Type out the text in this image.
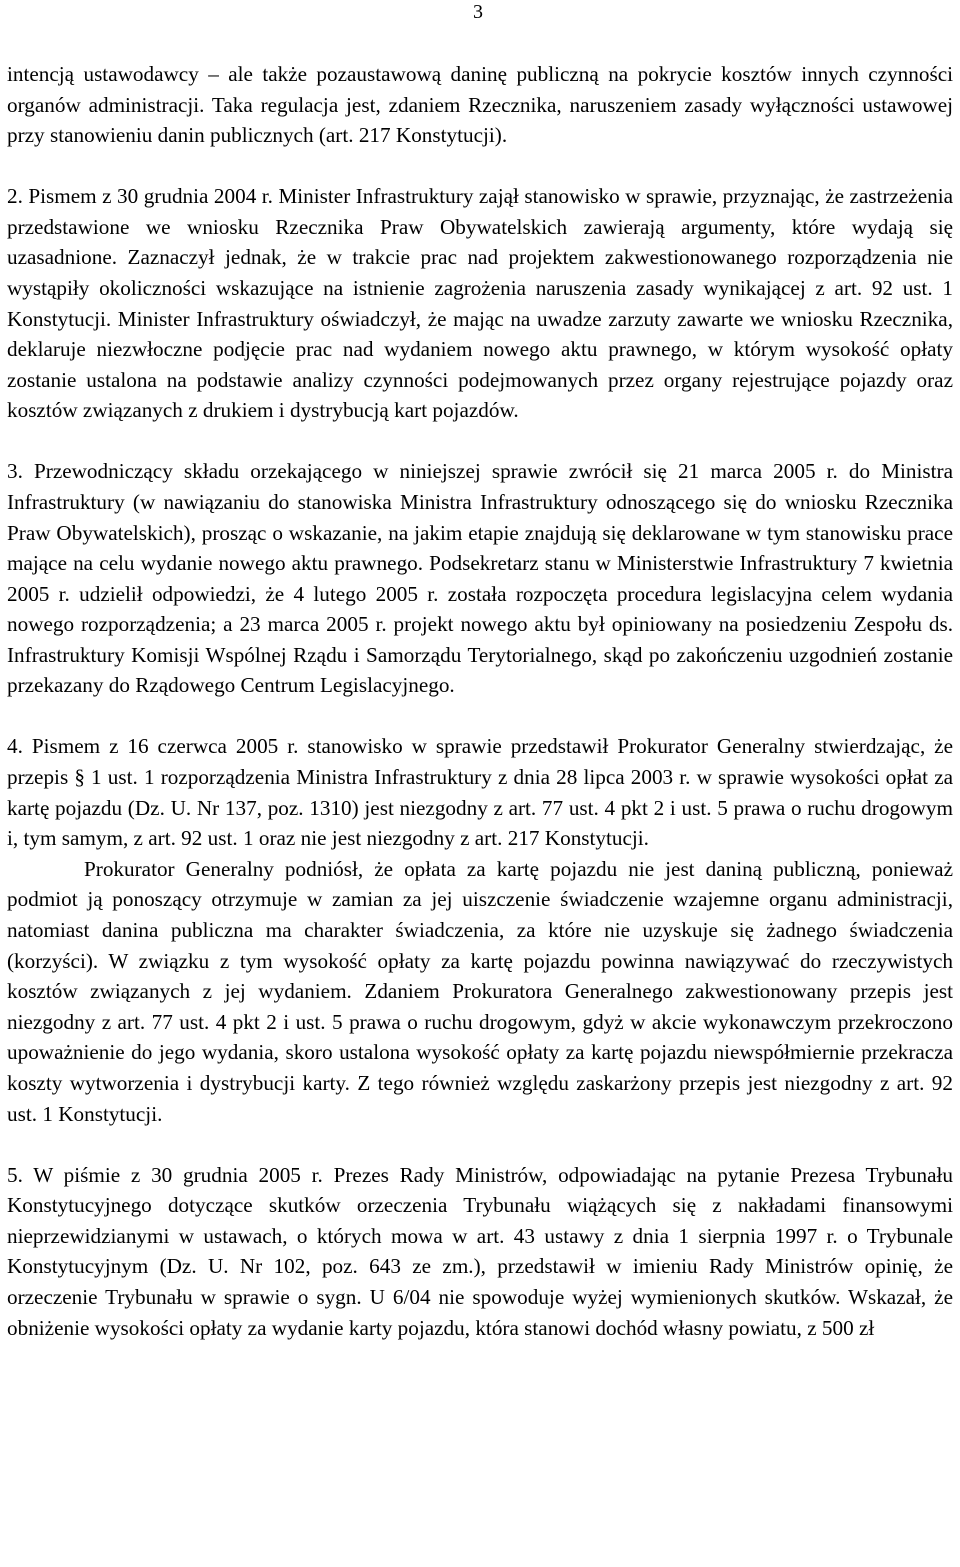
3

intencją ustawodawcy – ale także pozaustawową daninę publiczną na pokrycie kosztów innych czynności organów administracji. Taka regulacja jest, zdaniem Rzecznika, naruszeniem zasady wyłączności ustawowej przy stanowieniu danin publicznych (art. 217 Konstytucji).

2. Pismem z 30 grudnia 2004 r. Minister Infrastruktury zajął stanowisko w sprawie, przyznając, że zastrzeżenia przedstawione we wniosku Rzecznika Praw Obywatelskich zawierają argumenty, które wydają się uzasadnione. Zaznaczył jednak, że w trakcie prac nad projektem zakwestionowanego rozporządzenia nie wystąpiły okoliczności wskazujące na istnienie zagrożenia naruszenia zasady wynikającej z art. 92 ust. 1 Konstytucji. Minister Infrastruktury oświadczył, że mając na uwadze zarzuty zawarte we wniosku Rzecznika, deklaruje niezwłoczne podjęcie prac nad wydaniem nowego aktu prawnego, w którym wysokość opłaty zostanie ustalona na podstawie analizy czynności podejmowanych przez organy rejestrujące pojazdy oraz kosztów związanych z drukiem i dystrybucją kart pojazdów.

3. Przewodniczący składu orzekającego w niniejszej sprawie zwrócił się 21 marca 2005 r. do Ministra Infrastruktury (w nawiązaniu do stanowiska Ministra Infrastruktury odnoszącego się do wniosku Rzecznika Praw Obywatelskich), prosząc o wskazanie, na jakim etapie znajdują się deklarowane w tym stanowisku prace mające na celu wydanie nowego aktu prawnego. Podsekretarz stanu w Ministerstwie Infrastruktury 7 kwietnia 2005 r. udzielił odpowiedzi, że 4 lutego 2005 r. została rozpoczęta procedura legislacyjna celem wydania nowego rozporządzenia; a 23 marca 2005 r. projekt nowego aktu był opiniowany na posiedzeniu Zespołu ds. Infrastruktury Komisji Wspólnej Rządu i Samorządu Terytorialnego, skąd po zakończeniu uzgodnień zostanie przekazany do Rządowego Centrum Legislacyjnego.

4. Pismem z 16 czerwca 2005 r. stanowisko w sprawie przedstawił Prokurator Generalny stwierdzając, że przepis § 1 ust. 1 rozporządzenia Ministra Infrastruktury z dnia 28 lipca 2003 r. w sprawie wysokości opłat za kartę pojazdu (Dz. U. Nr 137, poz. 1310) jest niezgodny z art. 77 ust. 4 pkt 2 i ust. 5 prawa o ruchu drogowym i, tym samym, z art. 92 ust. 1 oraz nie jest niezgodny z art. 217 Konstytucji.

Prokurator Generalny podniósł, że opłata za kartę pojazdu nie jest daniną publiczną, ponieważ podmiot ją ponoszący otrzymuje w zamian za jej uiszczenie świadczenie wzajemne organu administracji, natomiast danina publiczna ma charakter świadczenia, za które nie uzyskuje się żadnego świadczenia (korzyści). W związku z tym wysokość opłaty za kartę pojazdu powinna nawiązywać do rzeczywistych kosztów związanych z jej wydaniem. Zdaniem Prokuratora Generalnego zakwestionowany przepis jest niezgodny z art. 77 ust. 4 pkt 2 i ust. 5 prawa o ruchu drogowym, gdyż w akcie wykonawczym przekroczono upoważnienie do jego wydania, skoro ustalona wysokość opłaty za kartę pojazdu niewspółmiernie przekracza koszty wytworzenia i dystrybucji karty. Z tego również względu zaskarżony przepis jest niezgodny z art. 92 ust. 1 Konstytucji.

5. W piśmie z 30 grudnia 2005 r. Prezes Rady Ministrów, odpowiadając na pytanie Prezesa Trybunału Konstytucyjnego dotyczące skutków orzeczenia Trybunału wiążących się z nakładami finansowymi nieprzewidzianymi w ustawach, o których mowa w art. 43 ustawy z dnia 1 sierpnia 1997 r. o Trybunale Konstytucyjnym (Dz. U. Nr 102, poz. 643 ze zm.), przedstawił w imieniu Rady Ministrów opinię, że orzeczenie Trybunału w sprawie o sygn. U 6/04 nie spowoduje wyżej wymienionych skutków. Wskazał, że obniżenie wysokości opłaty za wydanie karty pojazdu, która stanowi dochód własny powiatu, z 500 zł
